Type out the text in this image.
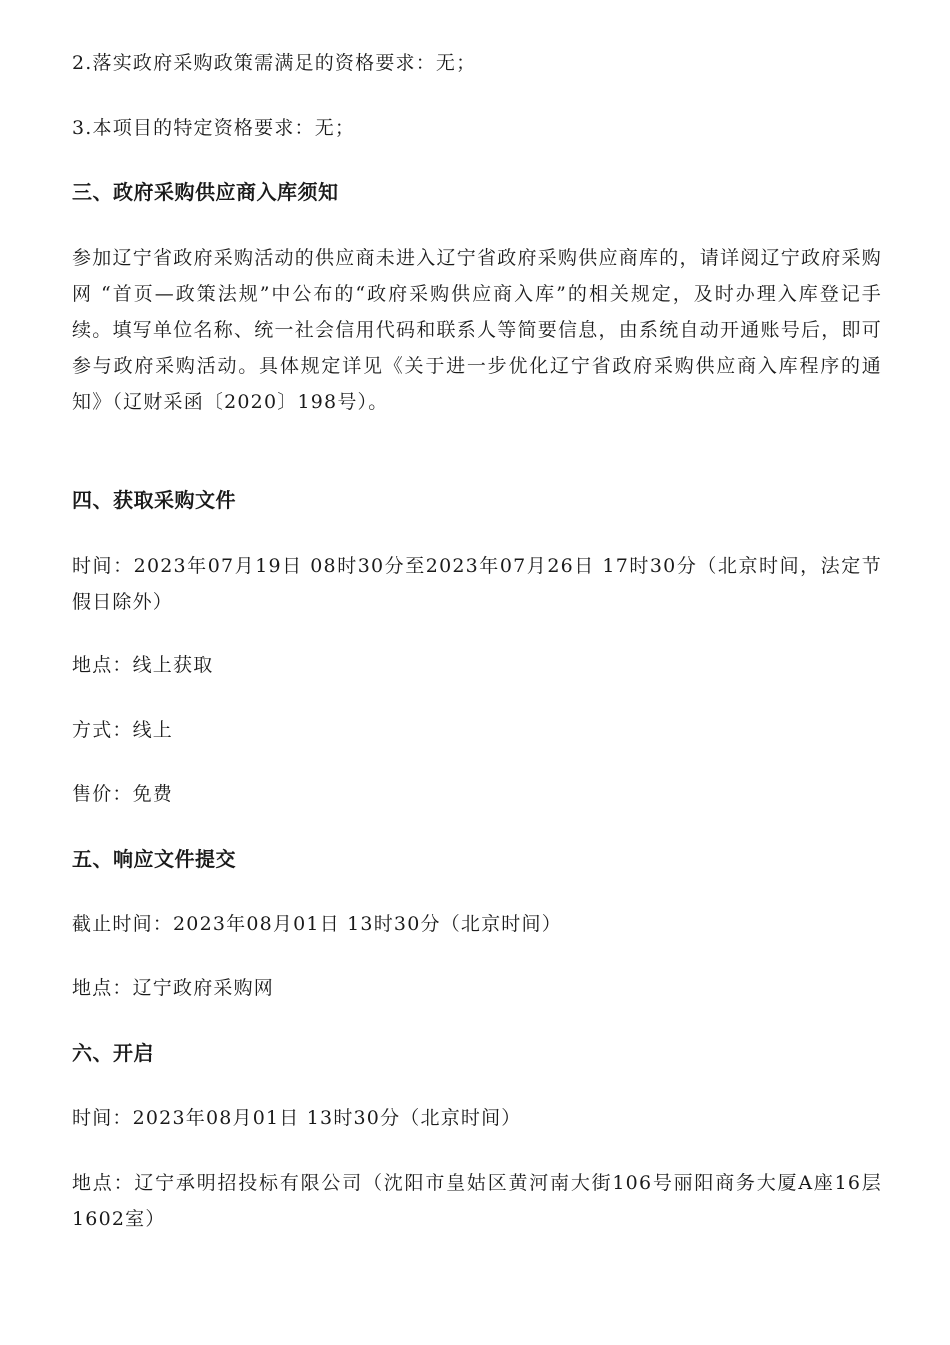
2.落实政府采购政策需满足的资格要求：无；

3.本项目的特定资格要求：无；

三、政府采购供应商入库须知

参加辽宁省政府采购活动的供应商未进入辽宁省政府采购供应商库的，请详阅辽宁政府采购网 “首页—政策法规”中公布的“政府采购供应商入库”的相关规定，及时办理入库登记手续。填写单位名称、统一社会信用代码和联系人等简要信息，由系统自动开通账号后，即可参与政府采购活动。具体规定详见《关于进一步优化辽宁省政府采购供应商入库程序的通知》（辽财采函〔2020〕198号）。

四、获取采购文件

时间：2023年07月19日 08时30分至2023年07月26日 17时30分（北京时间，法定节假日除外）

地点：线上获取

方式：线上

售价：免费

五、响应文件提交

截止时间：2023年08月01日 13时30分（北京时间）

地点：辽宁政府采购网

六、开启

时间：2023年08月01日 13时30分（北京时间）

地点：辽宁承明招投标有限公司（沈阳市皇姑区黄河南大街106号丽阳商务大厦A座16层1602室）
